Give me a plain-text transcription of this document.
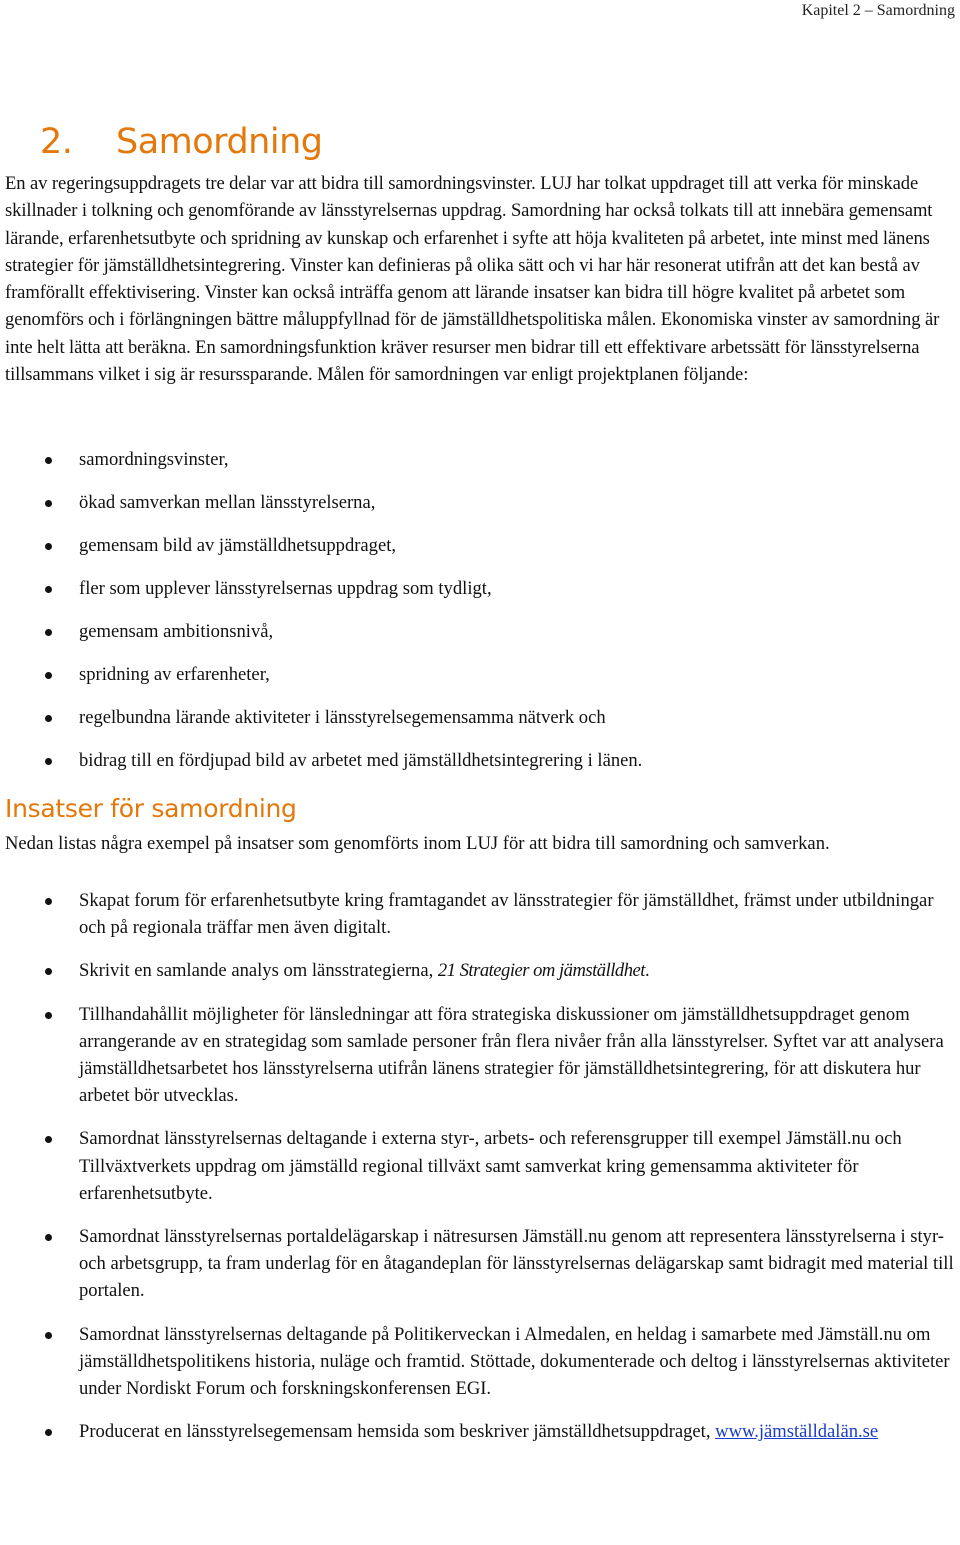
Kapitel 2 – Samordning
2. Samordning

En av regeringsuppdragets tre delar var att bidra till samordningsvinster. LUJ har tolkat uppdraget till att verka för minskade skillnader i tolkning och genomförande av länsstyrelsernas uppdrag. Samordning har också tolkats till att innebära gemensamt lärande, erfarenhetsutbyte och spridning av kunskap och erfarenhet i syfte att höja kvaliteten på arbetet, inte minst med länens strategier för jämställdhetsintegrering. Vinster kan definieras på olika sätt och vi har här resonerat utifrån att det kan bestå av framförallt effektivisering. Vinster kan också inträffa genom att lärande insatser kan bidra till högre kvalitet på arbetet som genomförs och i förlängningen bättre måluppfyllnad för de jämställdhetspolitiska målen. Ekonomiska vinster av samordning är inte helt lätta att beräkna. En samordningsfunktion kräver resurser men bidrar till ett effektivare arbetssätt för länsstyrelserna tillsammans vilket i sig är resurssparande. Målen för samordningen var enligt projektplanen följande:

samordningsvinster,
ökad samverkan mellan länsstyrelserna,
gemensam bild av jämställdhetsuppdraget,
fler som upplever länsstyrelsernas uppdrag som tydligt,
gemensam ambitionsnivå,
spridning av erfarenheter,
regelbundna lärande aktiviteter i länsstyrelsegemensamma nätverk och
bidrag till en fördjupad bild av arbetet med jämställdhetsintegrering i länen.
Insatser för samordning

Nedan listas några exempel på insatser som genomförts inom LUJ för att bidra till samordning och samverkan.

Skapat forum för erfarenhetsutbyte kring framtagandet av länsstrategier för jämställdhet, främst under utbildningar och på regionala träffar men även digitalt.
Skrivit en samlande analys om länsstrategierna, 21 Strategier om jämställdhet.
Tillhandahållit möjligheter för länsledningar att föra strategiska diskussioner om jämställdhetsuppdraget genom arrangerande av en strategidag som samlade personer från flera nivåer från alla länsstyrelser. Syftet var att analysera jämställdhetsarbetet hos länsstyrelserna utifrån länens strategier för jämställdhetsintegrering, för att diskutera hur arbetet bör utvecklas.
Samordnat länsstyrelsernas deltagande i externa styr-, arbets- och referensgrupper till exempel Jämställ.nu och Tillväxtverkets uppdrag om jämställd regional tillväxt samt samverkat kring gemensamma aktiviteter för erfarenhetsutbyte.
Samordnat länsstyrelsernas portaldelägarskap i nätresursen Jämställ.nu genom att representera länsstyrelserna i styr- och arbetsgrupp, ta fram underlag för en åtagandeplan för länsstyrelsernas delägarskap samt bidragit med material till portalen.
Samordnat länsstyrelsernas deltagande på Politikerveckan i Almedalen, en heldag i samarbete med Jämställ.nu om jämställdhetspolitikens historia, nuläge och framtid. Stöttade, dokumenterade och deltog i länsstyrelsernas aktiviteter under Nordiskt Forum och forskningskonferensen EGI.
Producerat en länsstyrelsegemensam hemsida som beskriver jämställdhetsuppdraget, www.jämställdalän.se
